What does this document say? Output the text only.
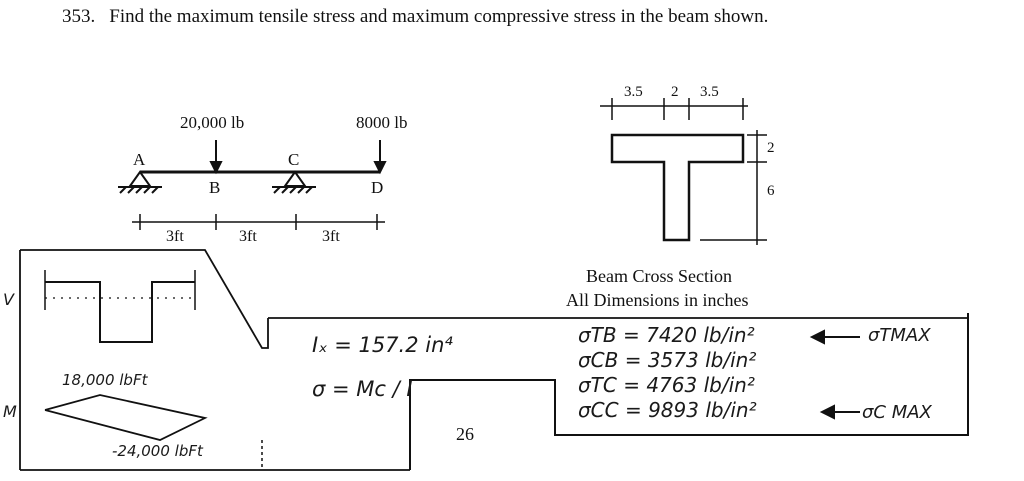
353. Find the maximum tensile stress and maximum compressive stress in the beam shown.
20,000 lb	8000 lb
A
B
C
D
3ft	3ft	3ft
3.5 2 3.5
2
6
Beam Cross Section
All Dimensions in inches
V
M
18,000 lbFt
-24,000 lbFt
Iₓ = 157.2 in⁴
σ = Mc / I
σTB = 7420 lb/in²
σCB = 3573 lb/in²
σTC = 4763 lb/in²
σCC = 9893 lb/in²
σTMAX
σC MAX
26
